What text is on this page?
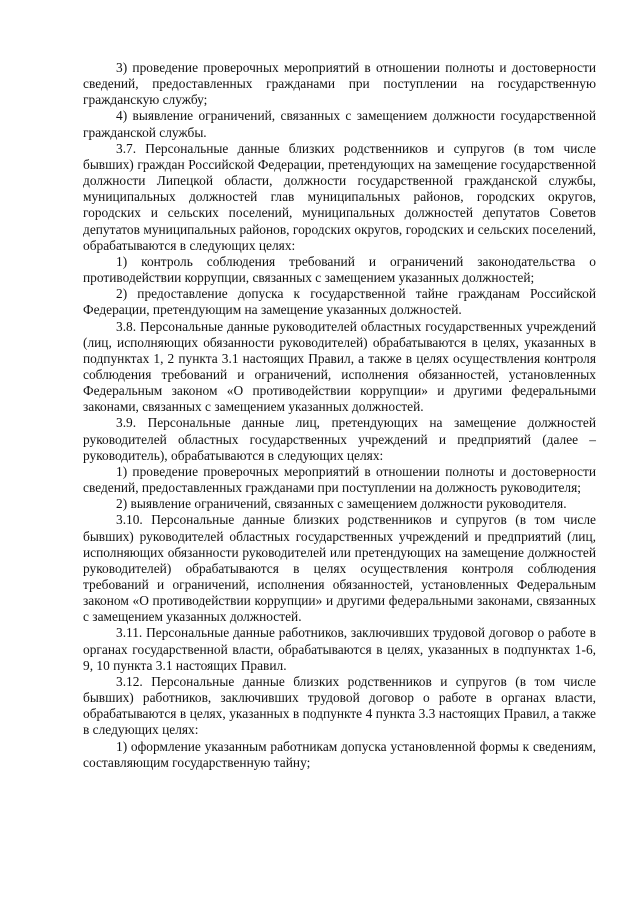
3) проведение проверочных мероприятий в отношении полноты и достоверности сведений, предоставленных гражданами при поступлении на государственную гражданскую службу;

4) выявление ограничений, связанных с замещением должности государственной гражданской службы.

3.7. Персональные данные близких родственников и супругов (в том числе бывших) граждан Российской Федерации, претендующих на замещение государственной должности Липецкой области, должности государственной гражданской службы, муниципальных должностей глав муниципальных районов, городских округов, городских и сельских поселений, муниципальных должностей депутатов Советов депутатов муниципальных районов, городских округов, городских и сельских поселений, обрабатываются в следующих целях:

1) контроль соблюдения требований и ограничений законодательства о противодействии коррупции, связанных с замещением указанных должностей;

2) предоставление допуска к государственной тайне гражданам Российской Федерации, претендующим на замещение указанных должностей.

3.8. Персональные данные руководителей областных государственных учреждений (лиц, исполняющих обязанности руководителей) обрабатываются в целях, указанных в подпунктах 1, 2 пункта 3.1 настоящих Правил, а также в целях осуществления контроля соблюдения требований и ограничений, исполнения обязанностей, установленных Федеральным законом «О противодействии коррупции» и другими федеральными законами, связанных с замещением указанных должностей.

3.9. Персональные данные лиц, претендующих на замещение должностей руководителей областных государственных учреждений и предприятий (далее – руководитель), обрабатываются в следующих целях:

1) проведение проверочных мероприятий в отношении полноты и достоверности сведений, предоставленных гражданами при поступлении на должность руководителя;

2) выявление ограничений, связанных с замещением должности руководителя.

3.10. Персональные данные близких родственников и супругов (в том числе бывших) руководителей областных государственных учреждений и предприятий (лиц, исполняющих обязанности руководителей или претендующих на замещение должностей руководителей) обрабатываются в целях осуществления контроля соблюдения требований и ограничений, исполнения обязанностей, установленных Федеральным законом «О противодействии коррупции» и другими федеральными законами, связанных с замещением указанных должностей.

3.11. Персональные данные работников, заключивших трудовой договор о работе в органах государственной власти, обрабатываются в целях, указанных в подпунктах 1-6, 9, 10 пункта 3.1 настоящих Правил.

3.12. Персональные данные близких родственников и супругов (в том числе бывших) работников, заключивших трудовой договор о работе в органах власти, обрабатываются в целях, указанных в подпункте 4 пункта 3.3 настоящих Правил, а также в следующих целях:

1) оформление указанным работникам допуска установленной формы к сведениям, составляющим государственную тайну;
